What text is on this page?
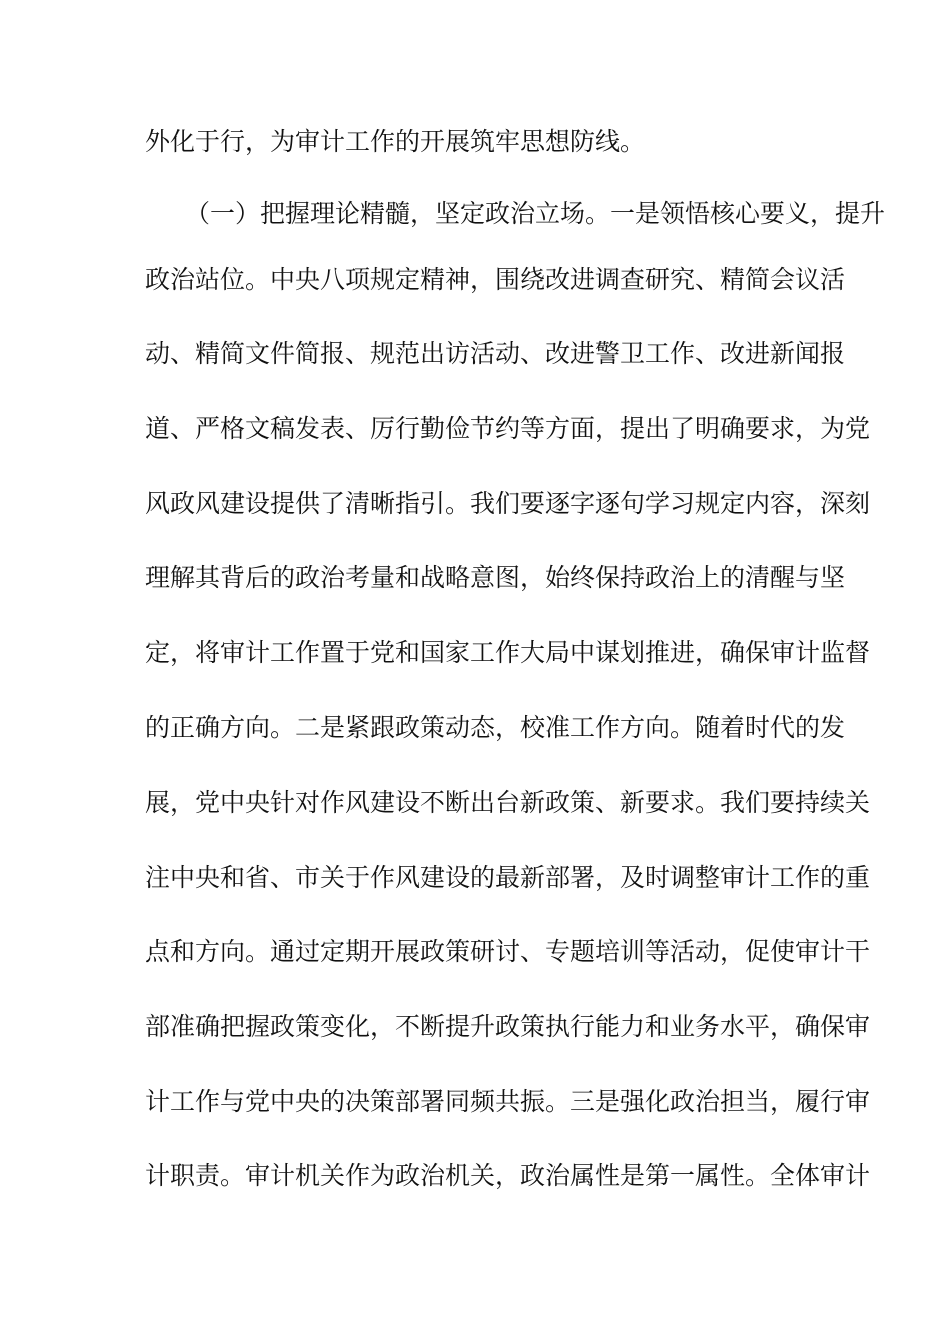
外化于行，为审计工作的开展筑牢思想防线。
（一）把握理论精髓，坚定政治立场。一是领悟核心要义，提升
政治站位。中央八项规定精神，围绕改进调查研究、精简会议活
动、精简文件简报、规范出访活动、改进警卫工作、改进新闻报
道、严格文稿发表、厉行勤俭节约等方面，提出了明确要求，为党
风政风建设提供了清晰指引。我们要逐字逐句学习规定内容，深刻
理解其背后的政治考量和战略意图，始终保持政治上的清醒与坚
定，将审计工作置于党和国家工作大局中谋划推进，确保审计监督
的正确方向。二是紧跟政策动态，校准工作方向。随着时代的发
展，党中央针对作风建设不断出台新政策、新要求。我们要持续关
注中央和省、市关于作风建设的最新部署，及时调整审计工作的重
点和方向。通过定期开展政策研讨、专题培训等活动，促使审计干
部准确把握政策变化，不断提升政策执行能力和业务水平，确保审
计工作与党中央的决策部署同频共振。三是强化政治担当，履行审
计职责。审计机关作为政治机关，政治属性是第一属性。全体审计
